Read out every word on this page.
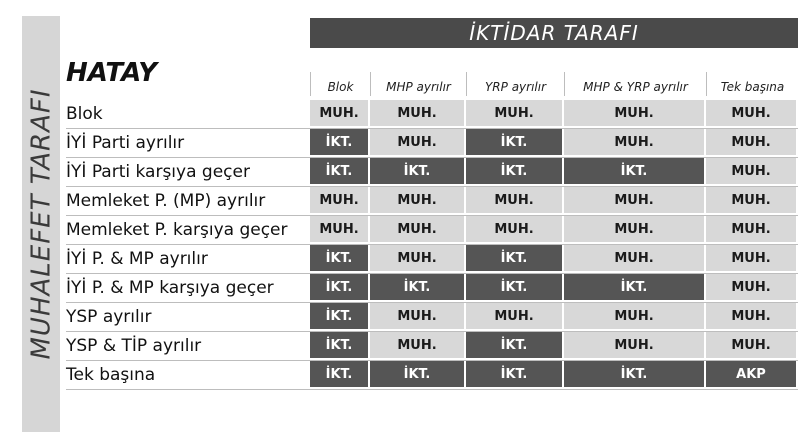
MUHALEFET TARAFI
İKTİDAR TARAFI
HATAY	Blok	MHP ayrılır	YRP ayrılır	MHP & YRP ayrılır	Tek başına
Blok	MUH.	MUH.	MUH.	MUH.	MUH.
İYİ Parti ayrılır	İKT.	MUH.	İKT.	MUH.	MUH.
İYİ Parti karşıya geçer	İKT.	İKT.	İKT.	İKT.	MUH.
Memleket P. (MP) ayrılır	MUH.	MUH.	MUH.	MUH.	MUH.
Memleket P. karşıya geçer	MUH.	MUH.	MUH.	MUH.	MUH.
İYİ P. & MP ayrılır	İKT.	MUH.	İKT.	MUH.	MUH.
İYİ P. & MP karşıya geçer	İKT.	İKT.	İKT.	İKT.	MUH.
YSP ayrılır	İKT.	MUH.	MUH.	MUH.	MUH.
YSP & TİP ayrılır	İKT.	MUH.	İKT.	MUH.	MUH.
Tek başına	İKT.	İKT.	İKT.	İKT.	AKP
